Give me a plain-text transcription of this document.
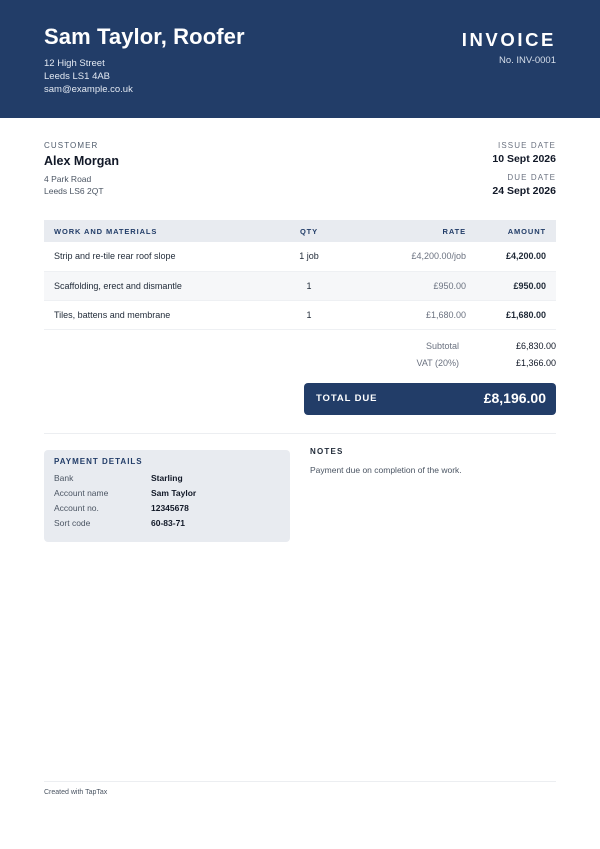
Sam Taylor, Roofer
12 High Street
Leeds LS1 4AB
sam@example.co.uk
INVOICE
No. INV-0001
CUSTOMER
Alex Morgan
4 Park Road
Leeds LS6 2QT
ISSUE DATE
10 Sept 2026
DUE DATE
24 Sept 2026
WORK AND MATERIALS	QTY	RATE	AMOUNT
Strip and re-tile rear roof slope	1 job	£4,200.00/job	£4,200.00
Scaffolding, erect and dismantle	1	£950.00	£950.00
Tiles, battens and membrane	1	£1,680.00	£1,680.00
Subtotal	£6,830.00
VAT (20%)	£1,366.00
TOTAL DUE	£8,196.00
PAYMENT DETAILS
Bank	Starling
Account name	Sam Taylor
Account no.	12345678
Sort code	60-83-71
NOTES
Payment due on completion of the work.
Created with TapTax
